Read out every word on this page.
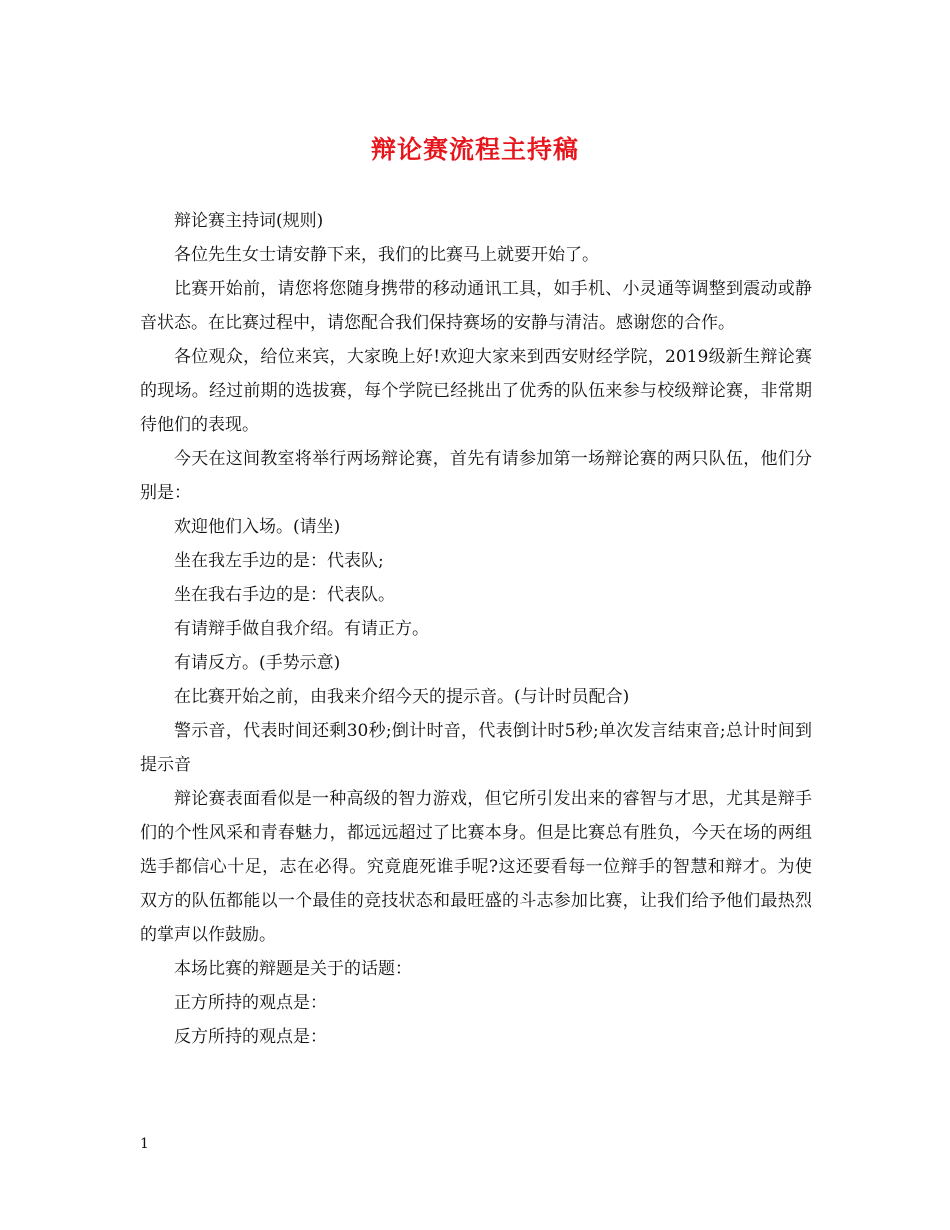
辩论赛流程主持稿

辩论赛主持词(规则)

各位先生女士请安静下来，我们的比赛马上就要开始了。

比赛开始前，请您将您随身携带的移动通讯工具，如手机、小灵通等调整到震动或静音状态。在比赛过程中，请您配合我们保持赛场的安静与清洁。感谢您的合作。

各位观众，给位来宾，大家晚上好!欢迎大家来到西安财经学院，2019级新生辩论赛的现场。经过前期的选拔赛，每个学院已经挑出了优秀的队伍来参与校级辩论赛，非常期待他们的表现。

今天在这间教室将举行两场辩论赛，首先有请参加第一场辩论赛的两只队伍，他们分别是：

欢迎他们入场。(请坐)

坐在我左手边的是：代表队;

坐在我右手边的是：代表队。

有请辩手做自我介绍。有请正方。

有请反方。(手势示意)

在比赛开始之前，由我来介绍今天的提示音。(与计时员配合)

警示音，代表时间还剩30秒;倒计时音，代表倒计时5秒;单次发言结束音;总计时间到提示音

辩论赛表面看似是一种高级的智力游戏，但它所引发出来的睿智与才思，尤其是辩手们的个性风采和青春魅力，都远远超过了比赛本身。但是比赛总有胜负，今天在场的两组选手都信心十足，志在必得。究竟鹿死谁手呢?这还要看每一位辩手的智慧和辩才。为使双方的队伍都能以一个最佳的竞技状态和最旺盛的斗志参加比赛，让我们给予他们最热烈的掌声以作鼓励。

本场比赛的辩题是关于的话题：

正方所持的观点是：

反方所持的观点是：

1
